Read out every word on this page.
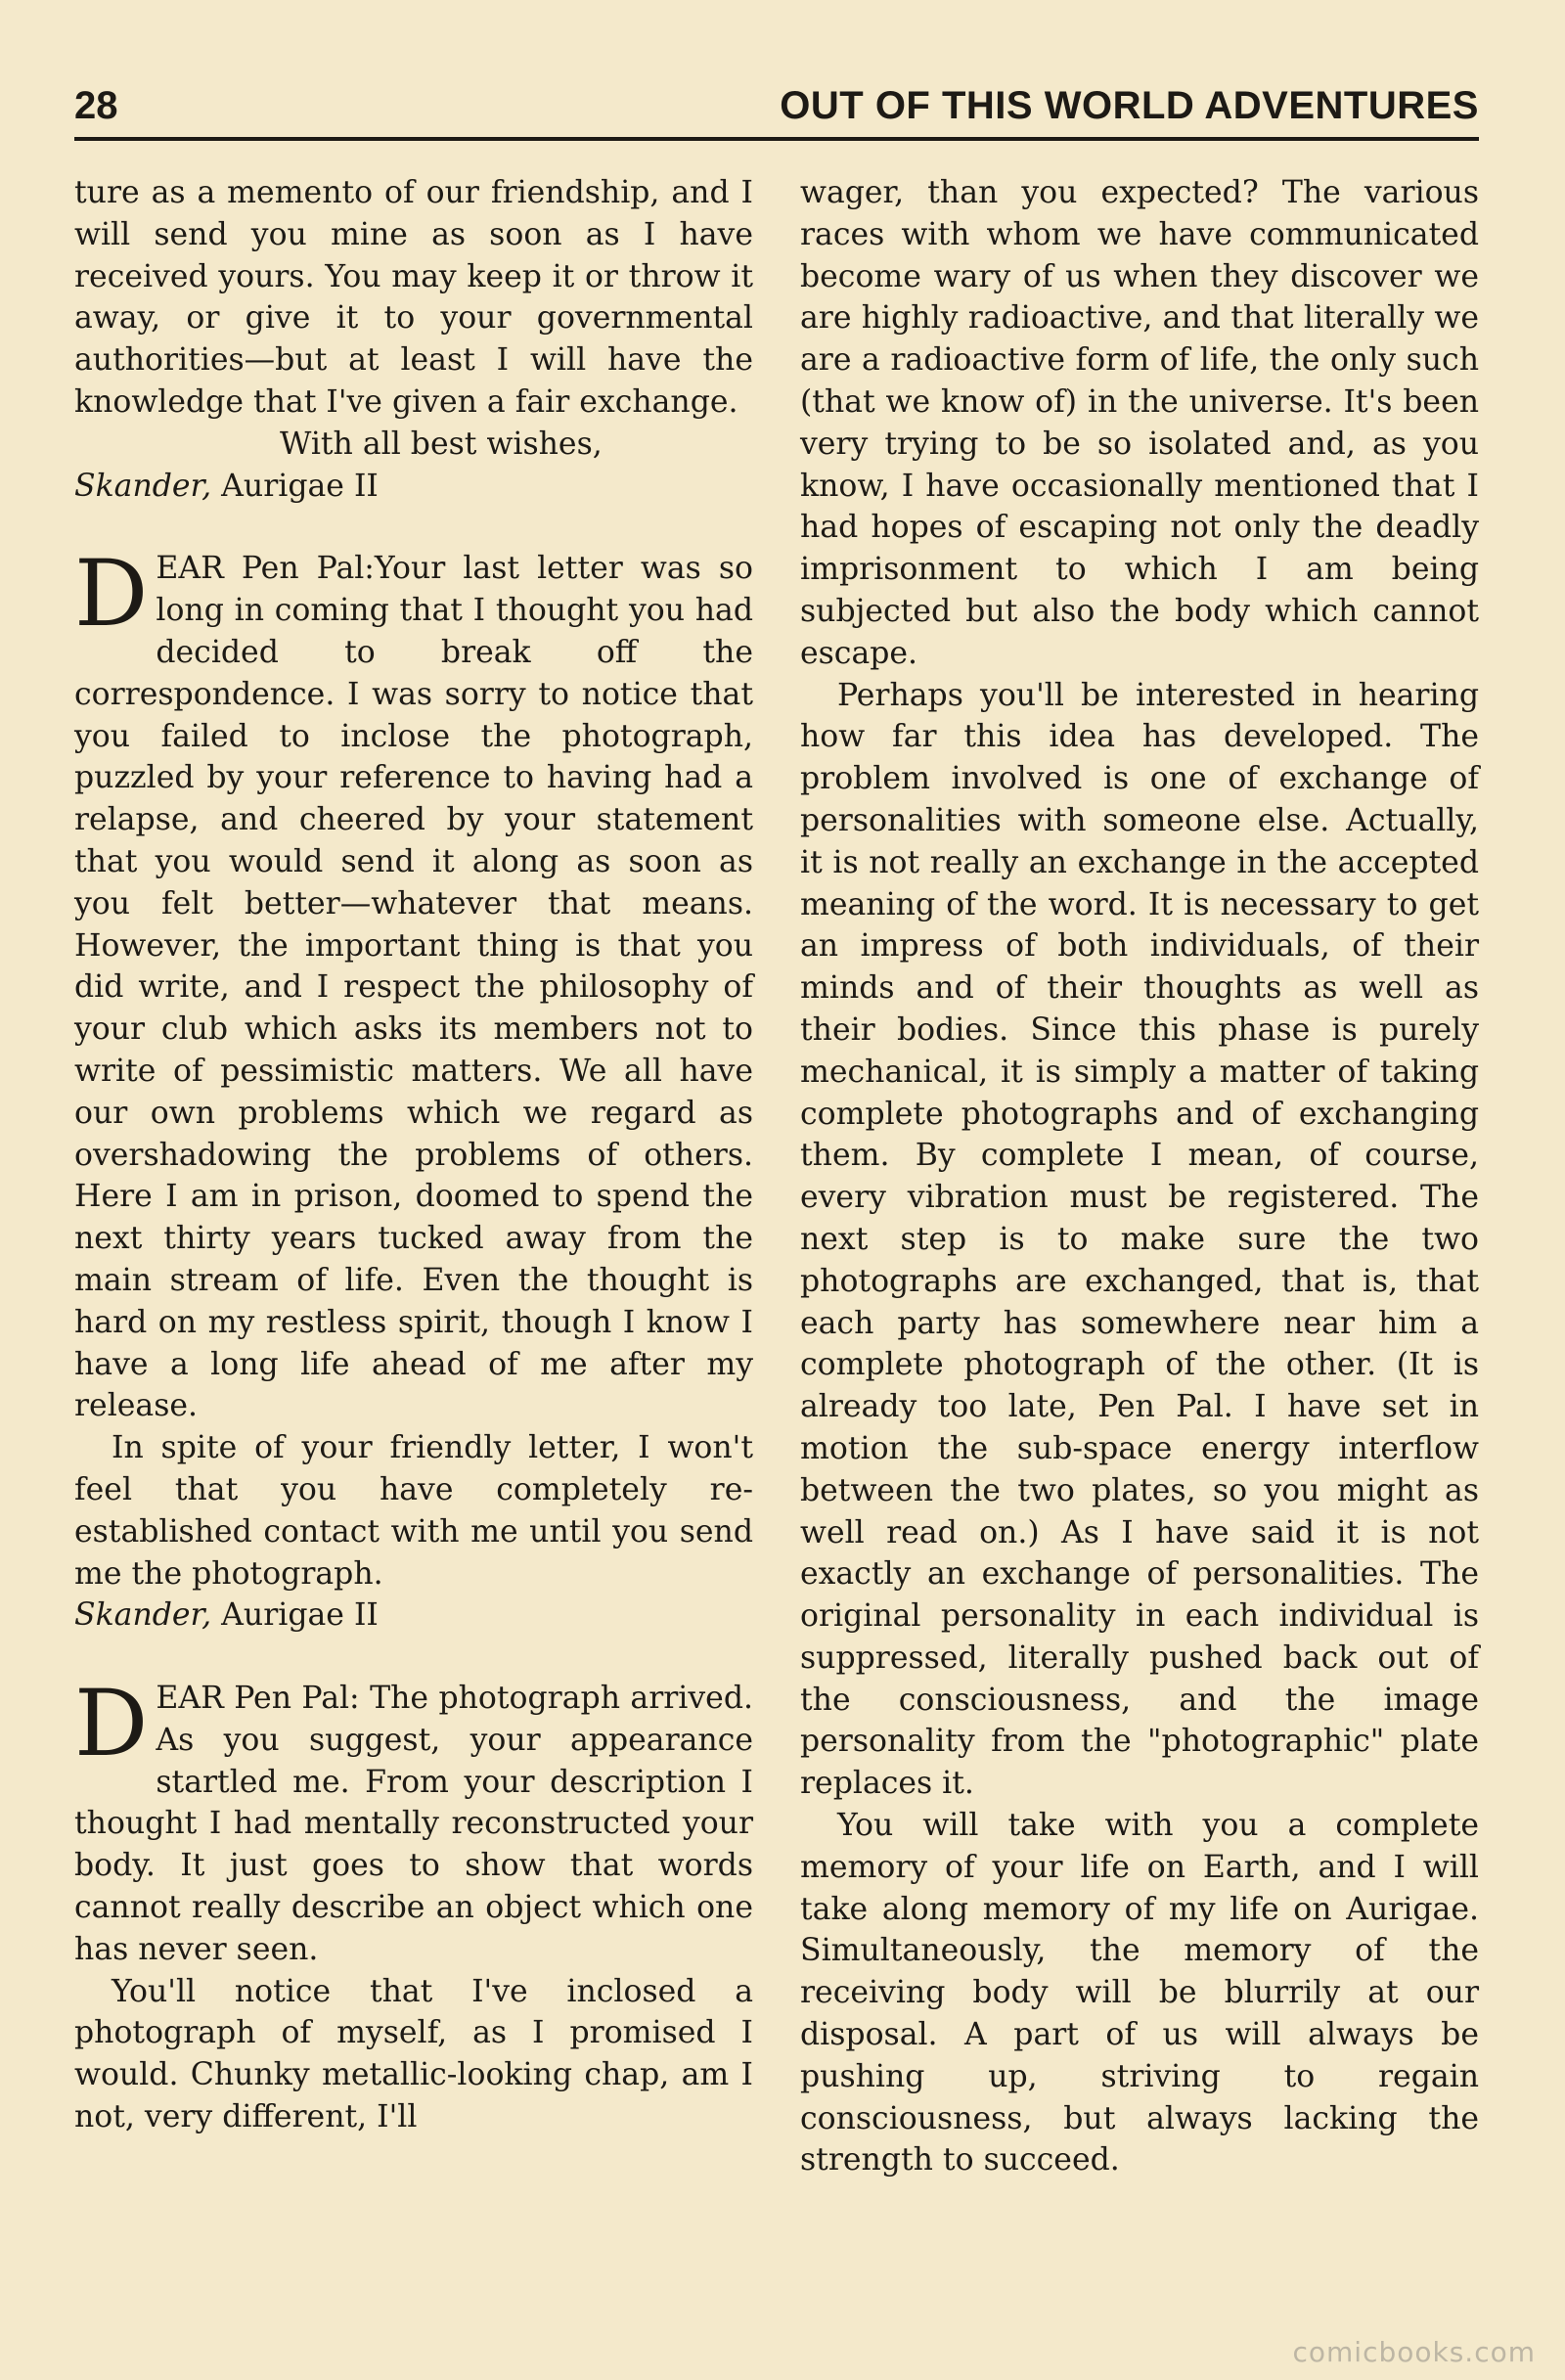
28	OUT OF THIS WORLD ADVENTURES

ture as a memento of our friendship, and I will send you mine as soon as I have received yours. You may keep it or throw it away, or give it to your governmental authorities—but at least I will have the knowledge that I've given a fair exchange.

With all best wishes,

Skander, Aurigae II

DEAR Pen Pal:Your last letter was so long in coming that I thought you had decided to break off the correspondence. I was sorry to notice that you failed to inclose the photograph, puzzled by your reference to having had a relapse, and cheered by your statement that you would send it along as soon as you felt better—whatever that means. However, the important thing is that you did write, and I respect the philosophy of your club which asks its members not to write of pessimistic matters. We all have our own problems which we regard as overshadowing the problems of others. Here I am in prison, doomed to spend the next thirty years tucked away from the main stream of life. Even the thought is hard on my restless spirit, though I know I have a long life ahead of me after my release.

In spite of your friendly letter, I won't feel that you have completely re-established contact with me until you send me the photograph.

Skander, Aurigae II

DEAR Pen Pal: The photograph arrived. As you suggest, your appearance startled me. From your description I thought I had mentally reconstructed your body. It just goes to show that words cannot really describe an object which one has never seen.

You'll notice that I've inclosed a photograph of myself, as I promised I would. Chunky metallic-looking chap, am I not, very different, I'll

wager, than you expected? The various races with whom we have communicated become wary of us when they discover we are highly radioactive, and that literally we are a radioactive form of life, the only such (that we know of) in the universe. It's been very trying to be so isolated and, as you know, I have occasionally mentioned that I had hopes of escaping not only the deadly imprisonment to which I am being subjected but also the body which cannot escape.

Perhaps you'll be interested in hearing how far this idea has developed. The problem involved is one of exchange of personalities with someone else. Actually, it is not really an exchange in the accepted meaning of the word. It is necessary to get an impress of both individuals, of their minds and of their thoughts as well as their bodies. Since this phase is purely mechanical, it is simply a matter of taking complete photographs and of exchanging them. By complete I mean, of course, every vibration must be registered. The next step is to make sure the two photographs are exchanged, that is, that each party has somewhere near him a complete photograph of the other. (It is already too late, Pen Pal. I have set in motion the sub-space energy interflow between the two plates, so you might as well read on.) As I have said it is not exactly an exchange of personalities. The original personality in each individual is suppressed, literally pushed back out of the consciousness, and the image personality from the "photographic" plate replaces it.

You will take with you a complete memory of your life on Earth, and I will take along memory of my life on Aurigae. Simultaneously, the memory of the receiving body will be blurrily at our disposal. A part of us will always be pushing up, striving to regain consciousness, but always lacking the strength to succeed.

comicbooks.com
